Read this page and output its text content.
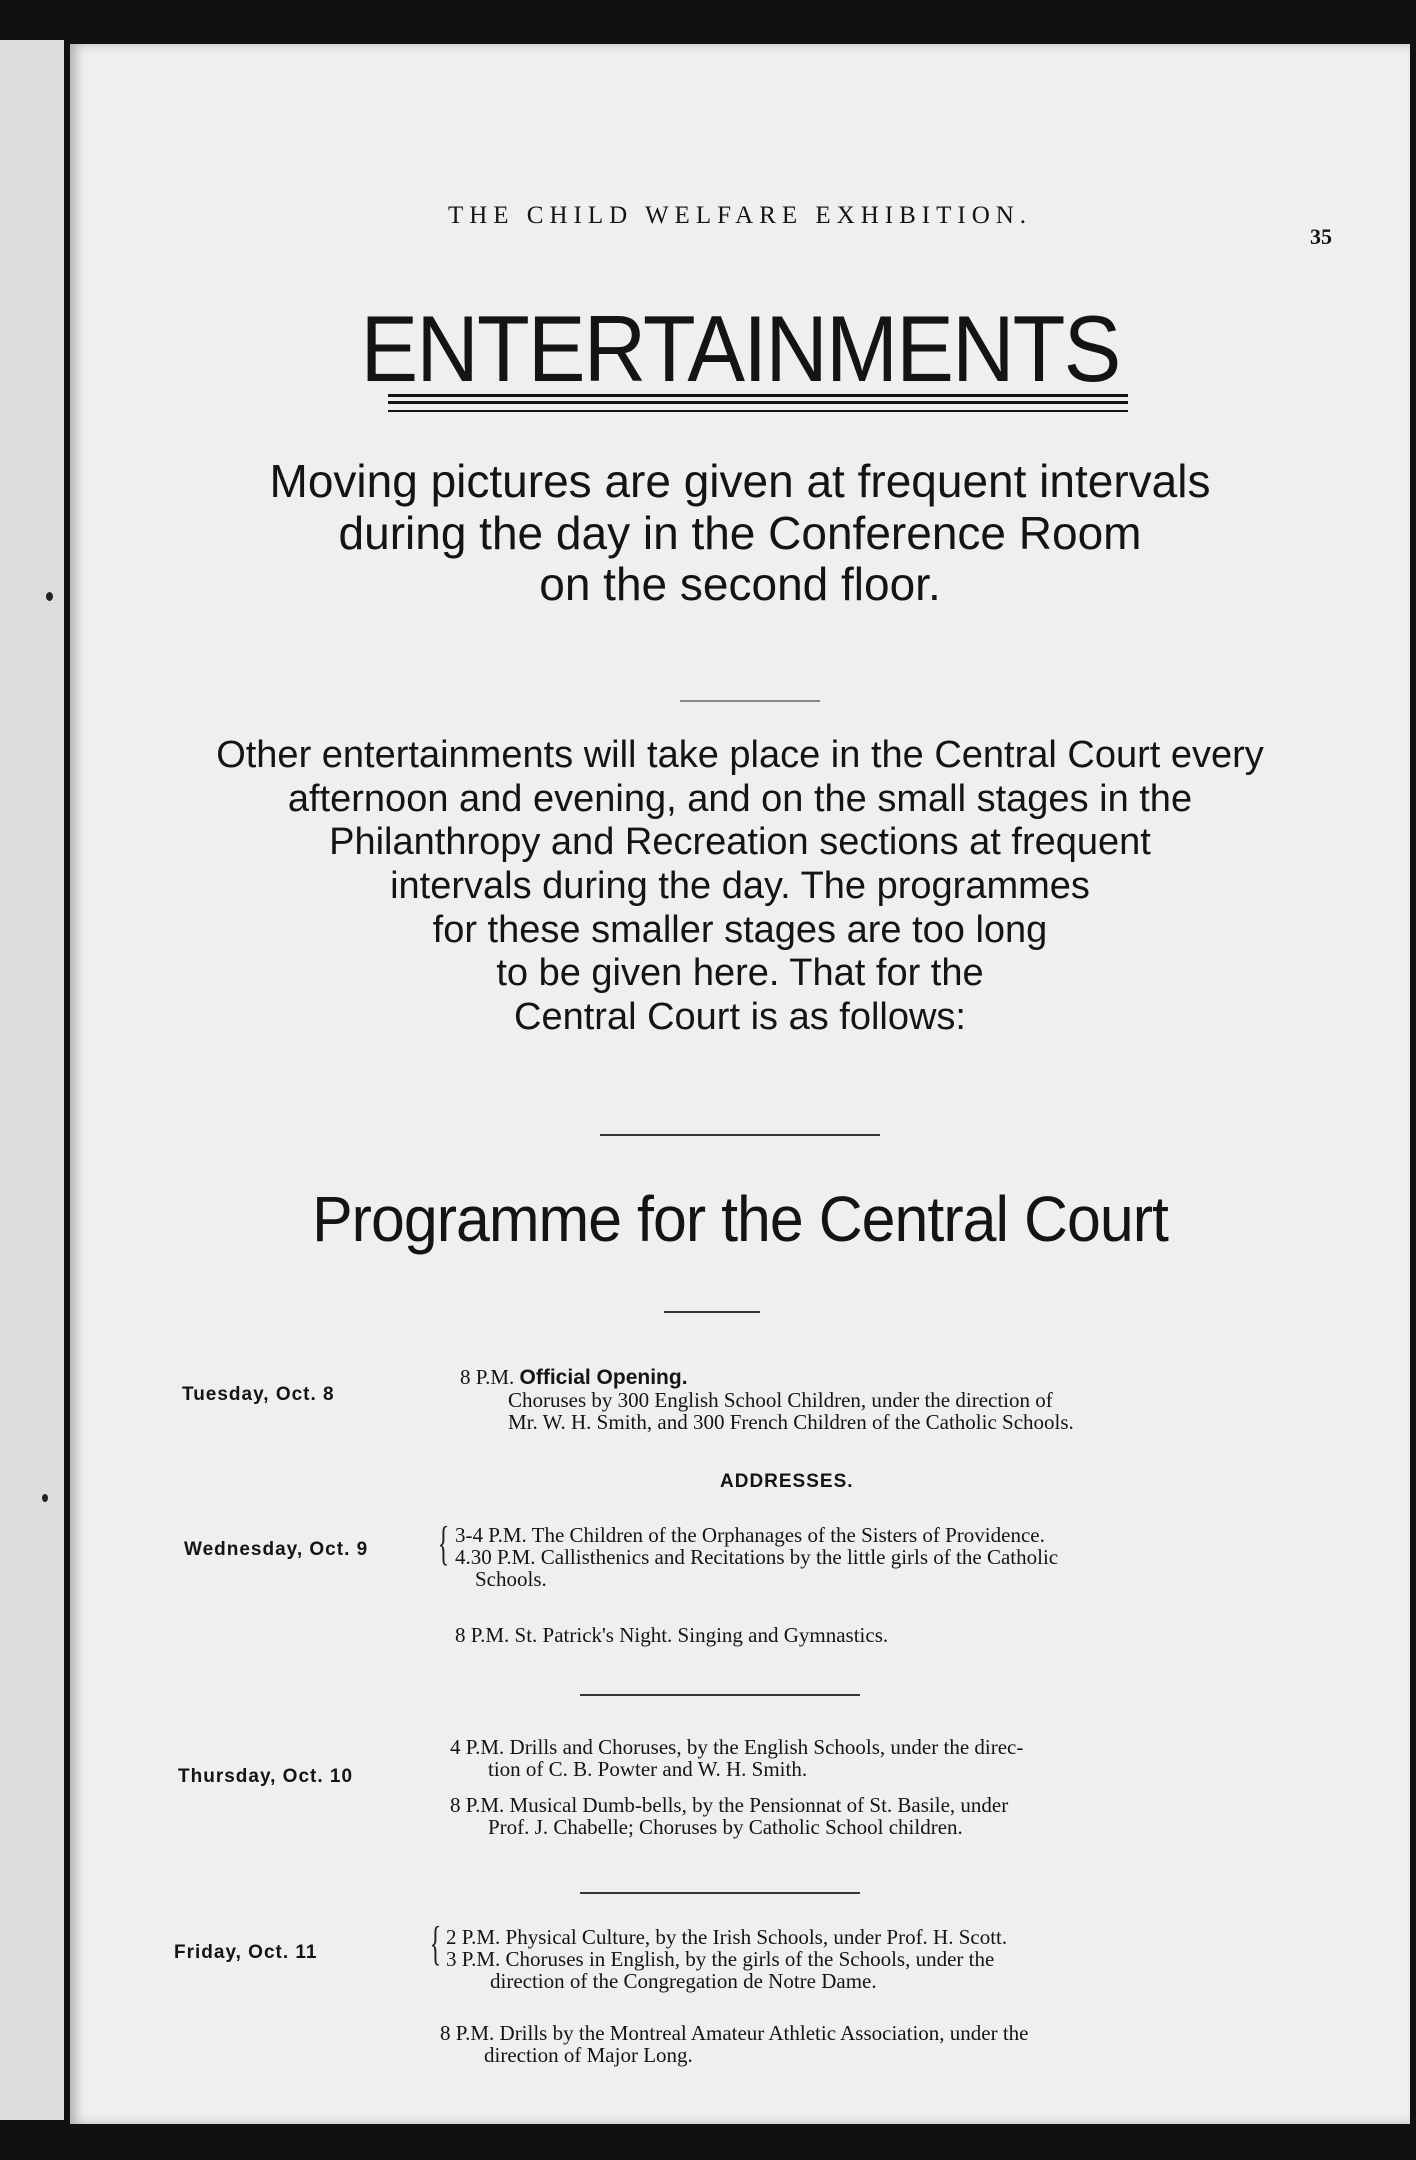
THE CHILD WELFARE EXHIBITION.
35
ENTERTAINMENTS
Moving pictures are given at frequent intervals
during the day in the Conference Room
on the second floor.
Other entertainments will take place in the Central Court every
afternoon and evening, and on the small stages in the
Philanthropy and Recreation sections at frequent
intervals during the day. The programmes
for these smaller stages are too long
to be given here. That for the
Central Court is as follows:
Programme for the Central Court
Tuesday, Oct. 8
8 P.M. Official Opening.
Choruses by 300 English School Children, under the direction of
Mr. W. H. Smith, and 300 French Children of the Catholic Schools.
ADDRESSES.
Wednesday, Oct. 9 { 3-4 P.M. The Children of the Orphanages of the Sisters of Providence.
4.30 P.M. Callisthenics and Recitations by the little girls of the Catholic
Schools.
8 P.M. St. Patrick's Night. Singing and Gymnastics.
Thursday, Oct. 10
4 P.M. Drills and Choruses, by the English Schools, under the direc-
tion of C. B. Powter and W. H. Smith.
8 P.M. Musical Dumb-bells, by the Pensionnat of St. Basile, under
Prof. J. Chabelle; Choruses by Catholic School children.
Friday, Oct. 11 { 2 P.M. Physical Culture, by the Irish Schools, under Prof. H. Scott.
3 P.M. Choruses in English, by the girls of the Schools, under the
direction of the Congregation de Notre Dame.
8 P.M. Drills by the Montreal Amateur Athletic Association, under the
direction of Major Long.
